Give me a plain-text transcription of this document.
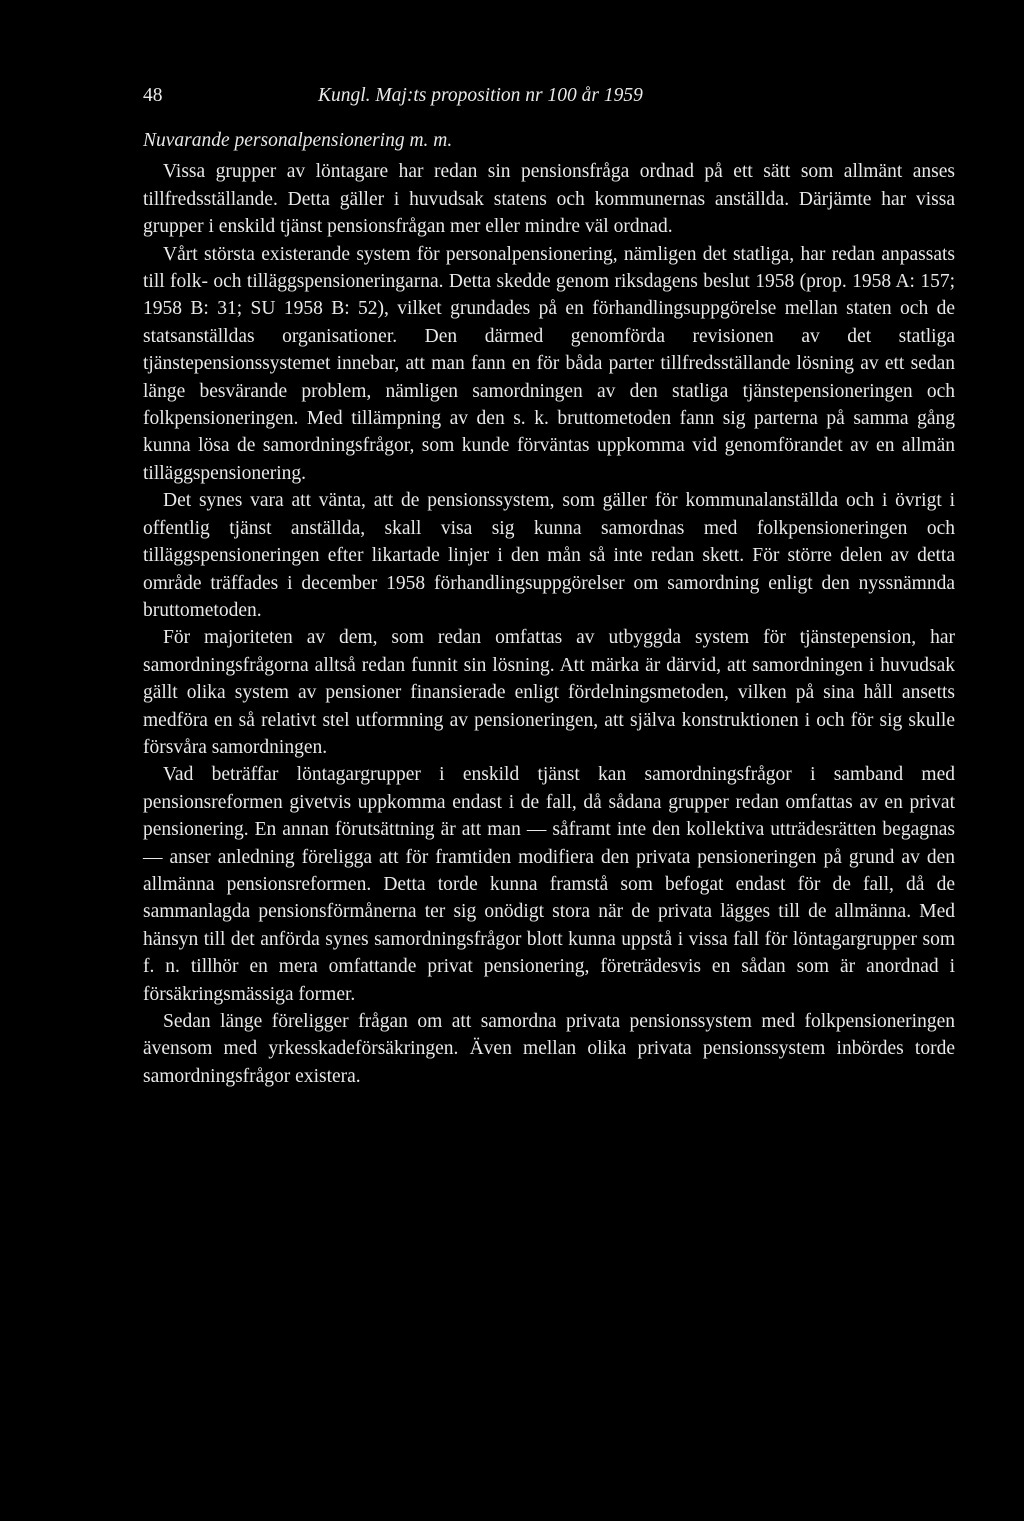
48	Kungl. Maj:ts proposition nr 100 år 1959
Nuvarande personalpensionering m. m.

Vissa grupper av löntagare har redan sin pensionsfråga ordnad på ett sätt som allmänt anses tillfredsställande. Detta gäller i huvudsak statens och kommunernas anställda. Därjämte har vissa grupper i enskild tjänst pensionsfrågan mer eller mindre väl ordnad.

Vårt största existerande system för personalpensionering, nämligen det statliga, har redan anpassats till folk- och tilläggspensioneringarna. Detta skedde genom riksdagens beslut 1958 (prop. 1958 A: 157; 1958 B: 31; SU 1958 B: 52), vilket grundades på en förhandlingsuppgörelse mellan staten och de statsanställdas organisationer. Den därmed genomförda revisionen av det statliga tjänstepensionssystemet innebar, att man fann en för båda parter tillfredsställande lösning av ett sedan länge besvärande problem, nämligen samordningen av den statliga tjänstepensioneringen och folkpensioneringen. Med tillämpning av den s. k. bruttometoden fann sig parterna på samma gång kunna lösa de samordningsfrågor, som kunde förväntas uppkomma vid genomförandet av en allmän tilläggspensionering.

Det synes vara att vänta, att de pensionssystem, som gäller för kommunalanställda och i övrigt i offentlig tjänst anställda, skall visa sig kunna samordnas med folkpensioneringen och tilläggspensioneringen efter likartade linjer i den mån så inte redan skett. För större delen av detta område träffades i december 1958 förhandlingsuppgörelser om samordning enligt den nyssnämnda bruttometoden.

För majoriteten av dem, som redan omfattas av utbyggda system för tjänstepension, har samordningsfrågorna alltså redan funnit sin lösning. Att märka är därvid, att samordningen i huvudsak gällt olika system av pensioner finansierade enligt fördelningsmetoden, vilken på sina håll ansetts medföra en så relativt stel utformning av pensioneringen, att själva konstruktionen i och för sig skulle försvåra samordningen.

Vad beträffar löntagargrupper i enskild tjänst kan samordningsfrågor i samband med pensionsreformen givetvis uppkomma endast i de fall, då sådana grupper redan omfattas av en privat pensionering. En annan förutsättning är att man — såframt inte den kollektiva utträdesrätten begagnas — anser anledning föreligga att för framtiden modifiera den privata pensioneringen på grund av den allmänna pensionsreformen. Detta torde kunna framstå som befogat endast för de fall, då de sammanlagda pensionsförmånerna ter sig onödigt stora när de privata lägges till de allmänna. Med hänsyn till det anförda synes samordningsfrågor blott kunna uppstå i vissa fall för löntagargrupper som f. n. tillhör en mera omfattande privat pensionering, företrädesvis en sådan som är anordnad i försäkringsmässiga former.

Sedan länge föreligger frågan om att samordna privata pensionssystem med folkpensioneringen ävensom med yrkesskadeförsäkringen. Även mellan olika privata pensionssystem inbördes torde samordningsfrågor existera.
